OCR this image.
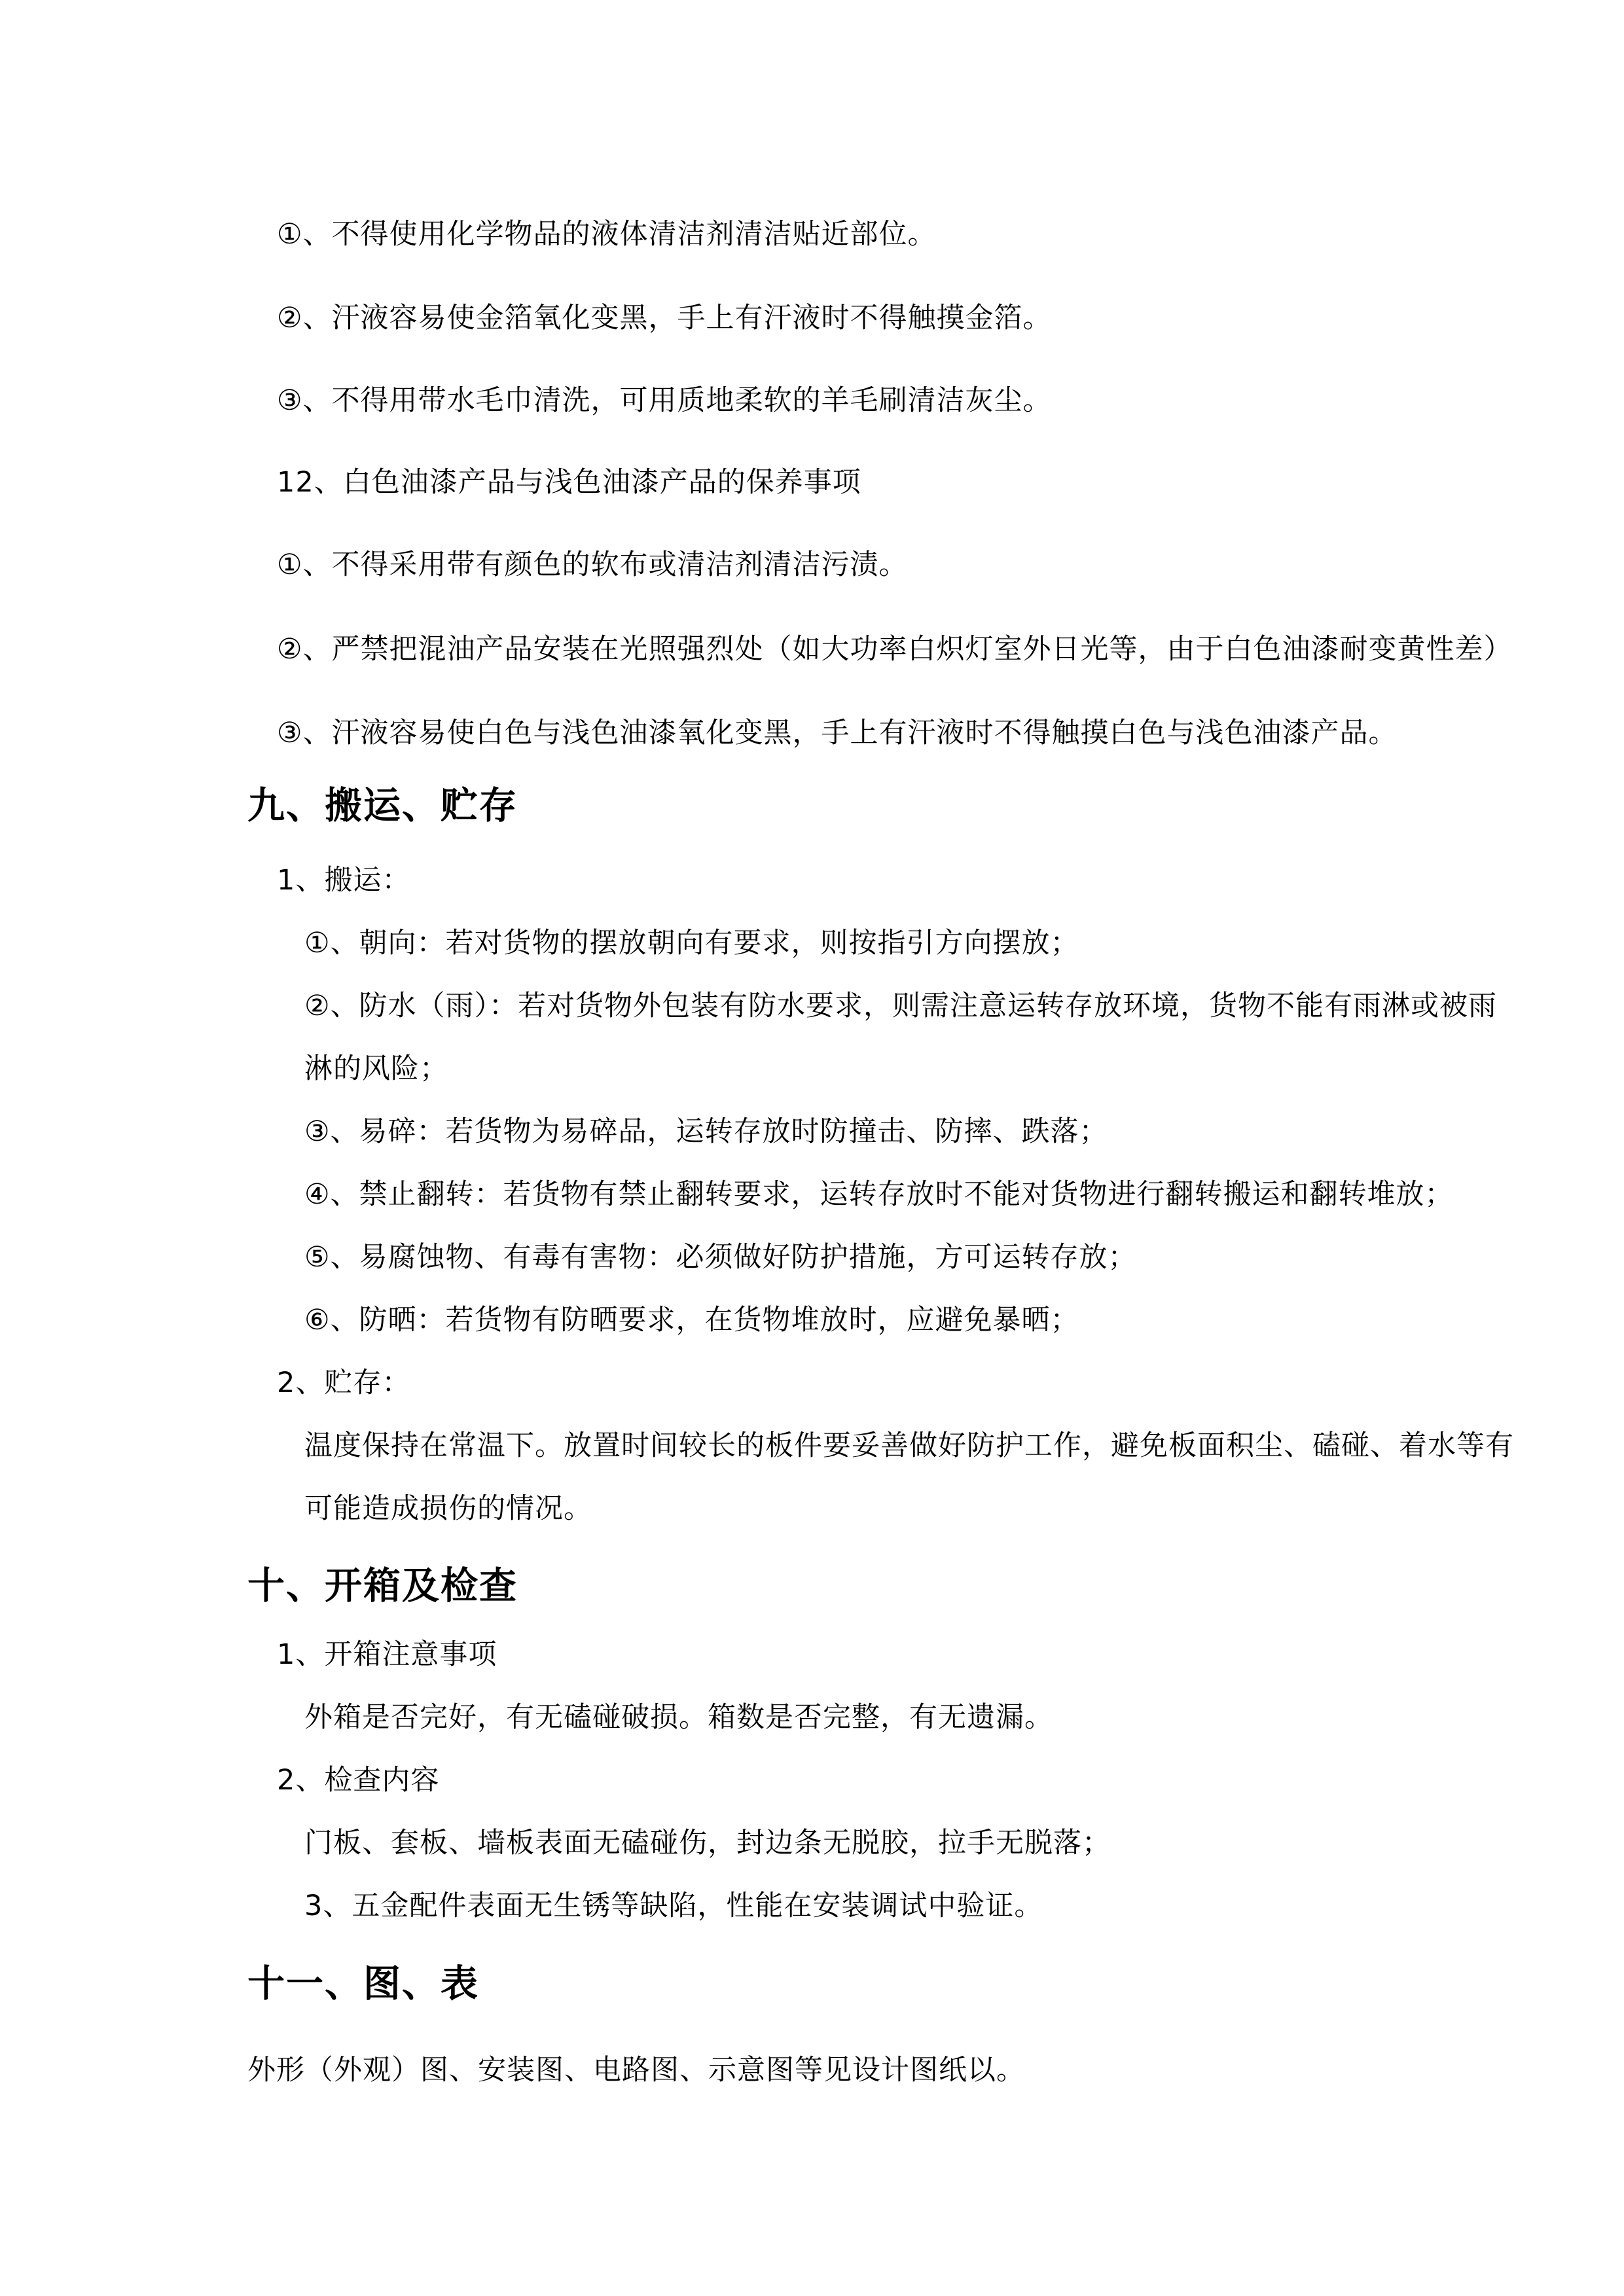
①、不得使用化学物品的液体清洁剂清洁贴近部位。
②、汗液容易使金箔氧化变黑，手上有汗液时不得触摸金箔。
③、不得用带水毛巾清洗，可用质地柔软的羊毛刷清洁灰尘。
12、白色油漆产品与浅色油漆产品的保养事项
①、不得采用带有颜色的软布或清洁剂清洁污渍。
②、严禁把混油产品安装在光照强烈处（如大功率白炽灯室外日光等，由于白色油漆耐变黄性差）
③、汗液容易使白色与浅色油漆氧化变黑，手上有汗液时不得触摸白色与浅色油漆产品。
九、搬运、贮存
1、搬运：
①、朝向：若对货物的摆放朝向有要求，则按指引方向摆放；
②、防水（雨）：若对货物外包装有防水要求，则需注意运转存放环境，货物不能有雨淋或被雨
淋的风险；
③、易碎：若货物为易碎品，运转存放时防撞击、防摔、跌落；
④、禁止翻转：若货物有禁止翻转要求，运转存放时不能对货物进行翻转搬运和翻转堆放；
⑤、易腐蚀物、有毒有害物：必须做好防护措施，方可运转存放；
⑥、防晒：若货物有防晒要求，在货物堆放时，应避免暴晒；
2、贮存：
温度保持在常温下。放置时间较长的板件要妥善做好防护工作，避免板面积尘、磕碰、着水等有
可能造成损伤的情况。
十、开箱及检查
1、开箱注意事项
外箱是否完好，有无磕碰破损。箱数是否完整，有无遗漏。
2、检查内容
门板、套板、墙板表面无磕碰伤，封边条无脱胶，拉手无脱落；
3、五金配件表面无生锈等缺陷，性能在安装调试中验证。
十一、图、表
外形（外观）图、安装图、电路图、示意图等见设计图纸以。
